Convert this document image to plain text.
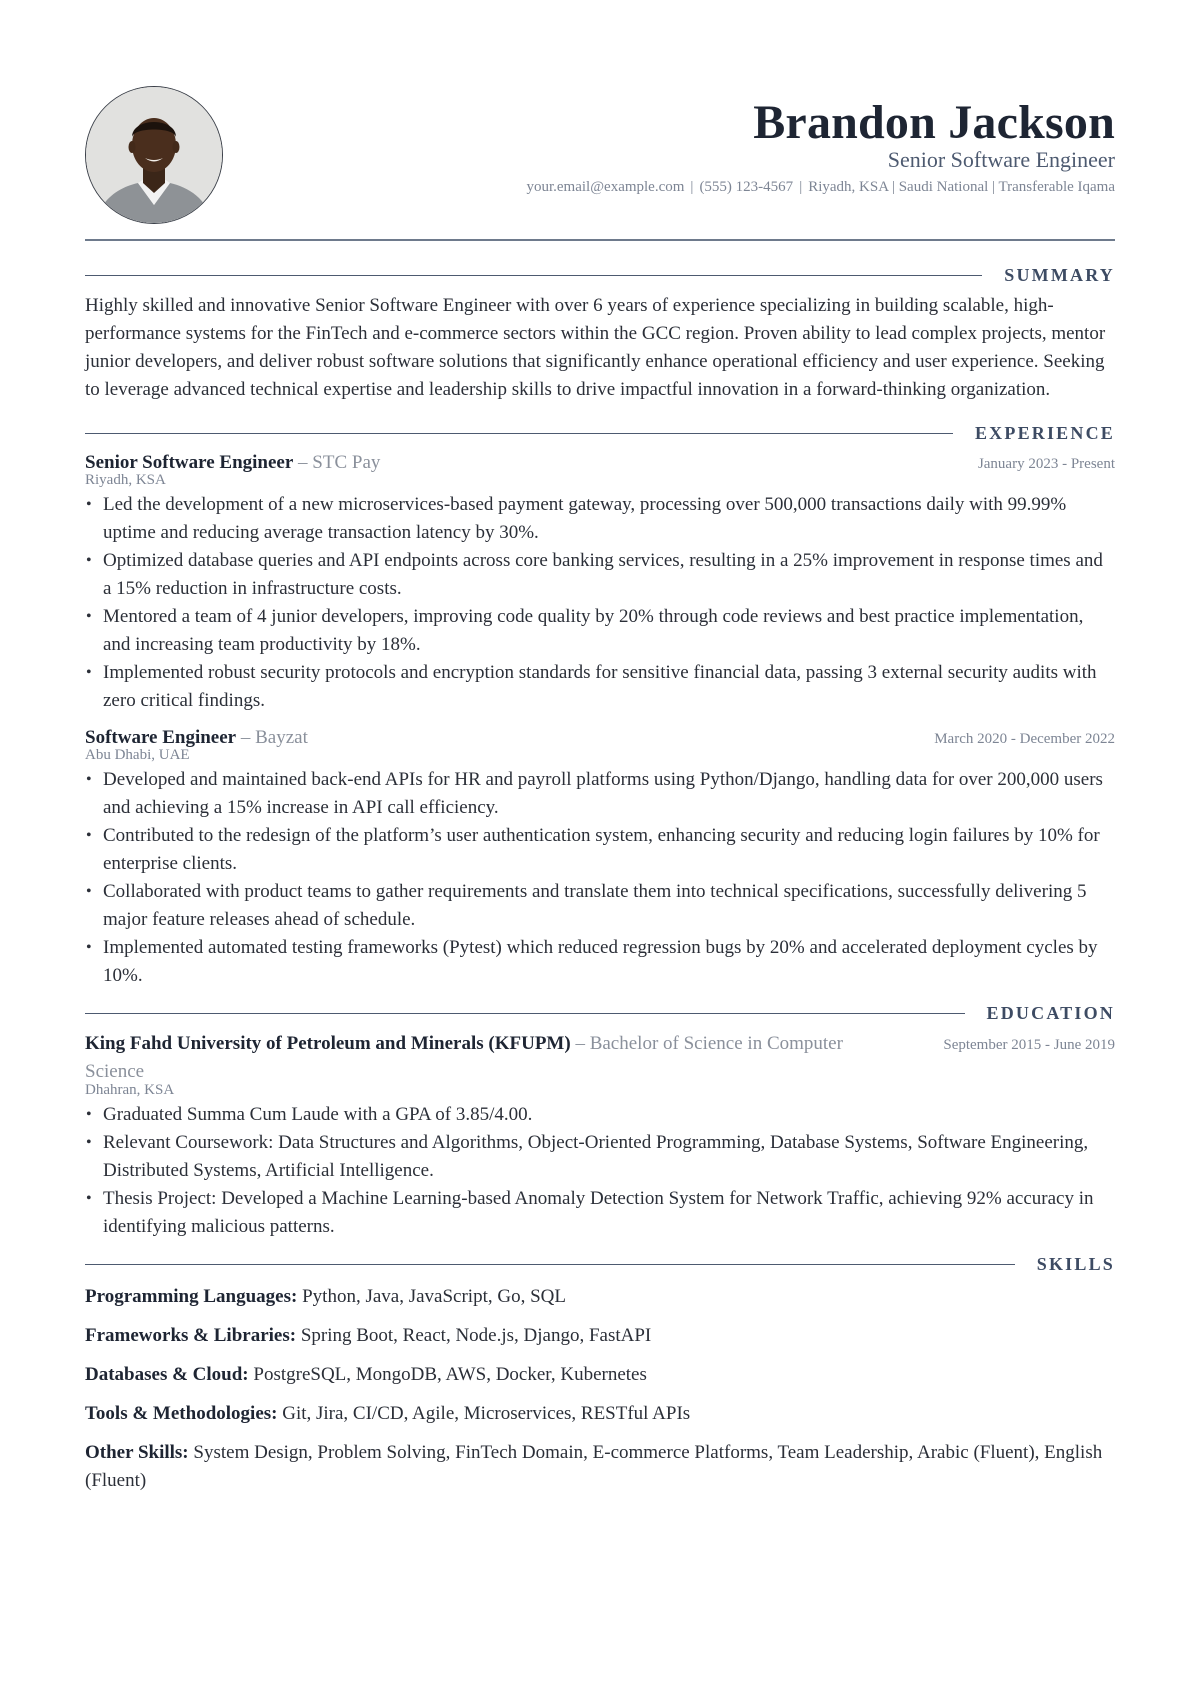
Brandon Jackson
Senior Software Engineer
your.email@example.com | (555) 123-4567 | Riyadh, KSA | Saudi National | Transferable Iqama
SUMMARY

Highly skilled and innovative Senior Software Engineer with over 6 years of experience specializing in building scalable, high-performance systems for the FinTech and e-commerce sectors within the GCC region. Proven ability to lead complex projects, mentor junior developers, and deliver robust software solutions that significantly enhance operational efficiency and user experience. Seeking to leverage advanced technical expertise and leadership skills to drive impactful innovation in a forward-thinking organization.

EXPERIENCE
Senior Software Engineer – STC Pay	January 2023 - Present
Riyadh, KSA
• Led the development of a new microservices-based payment gateway, processing over 500,000 transactions daily with 99.99% uptime and reducing average transaction latency by 30%.
• Optimized database queries and API endpoints across core banking services, resulting in a 25% improvement in response times and a 15% reduction in infrastructure costs.
• Mentored a team of 4 junior developers, improving code quality by 20% through code reviews and best practice implementation, and increasing team productivity by 18%.
• Implemented robust security protocols and encryption standards for sensitive financial data, passing 3 external security audits with zero critical findings.
Software Engineer – Bayzat	March 2020 - December 2022
Abu Dhabi, UAE
• Developed and maintained back-end APIs for HR and payroll platforms using Python/Django, handling data for over 200,000 users and achieving a 15% increase in API call efficiency.
• Contributed to the redesign of the platform’s user authentication system, enhancing security and reducing login failures by 10% for enterprise clients.
• Collaborated with product teams to gather requirements and translate them into technical specifications, successfully delivering 5 major feature releases ahead of schedule.
• Implemented automated testing frameworks (Pytest) which reduced regression bugs by 20% and accelerated deployment cycles by 10%.
EDUCATION
King Fahd University of Petroleum and Minerals (KFUPM) – Bachelor of Science in Computer Science
September 2015 - June 2019
Dhahran, KSA
• Graduated Summa Cum Laude with a GPA of 3.85/4.00.
• Relevant Coursework: Data Structures and Algorithms, Object-Oriented Programming, Database Systems, Software Engineering, Distributed Systems, Artificial Intelligence.
• Thesis Project: Developed a Machine Learning-based Anomaly Detection System for Network Traffic, achieving 92% accuracy in identifying malicious patterns.
SKILLS
Programming Languages: Python, Java, JavaScript, Go, SQL
Frameworks & Libraries: Spring Boot, React, Node.js, Django, FastAPI
Databases & Cloud: PostgreSQL, MongoDB, AWS, Docker, Kubernetes
Tools & Methodologies: Git, Jira, CI/CD, Agile, Microservices, RESTful APIs
Other Skills: System Design, Problem Solving, FinTech Domain, E-commerce Platforms, Team Leadership, Arabic (Fluent), English (Fluent)
